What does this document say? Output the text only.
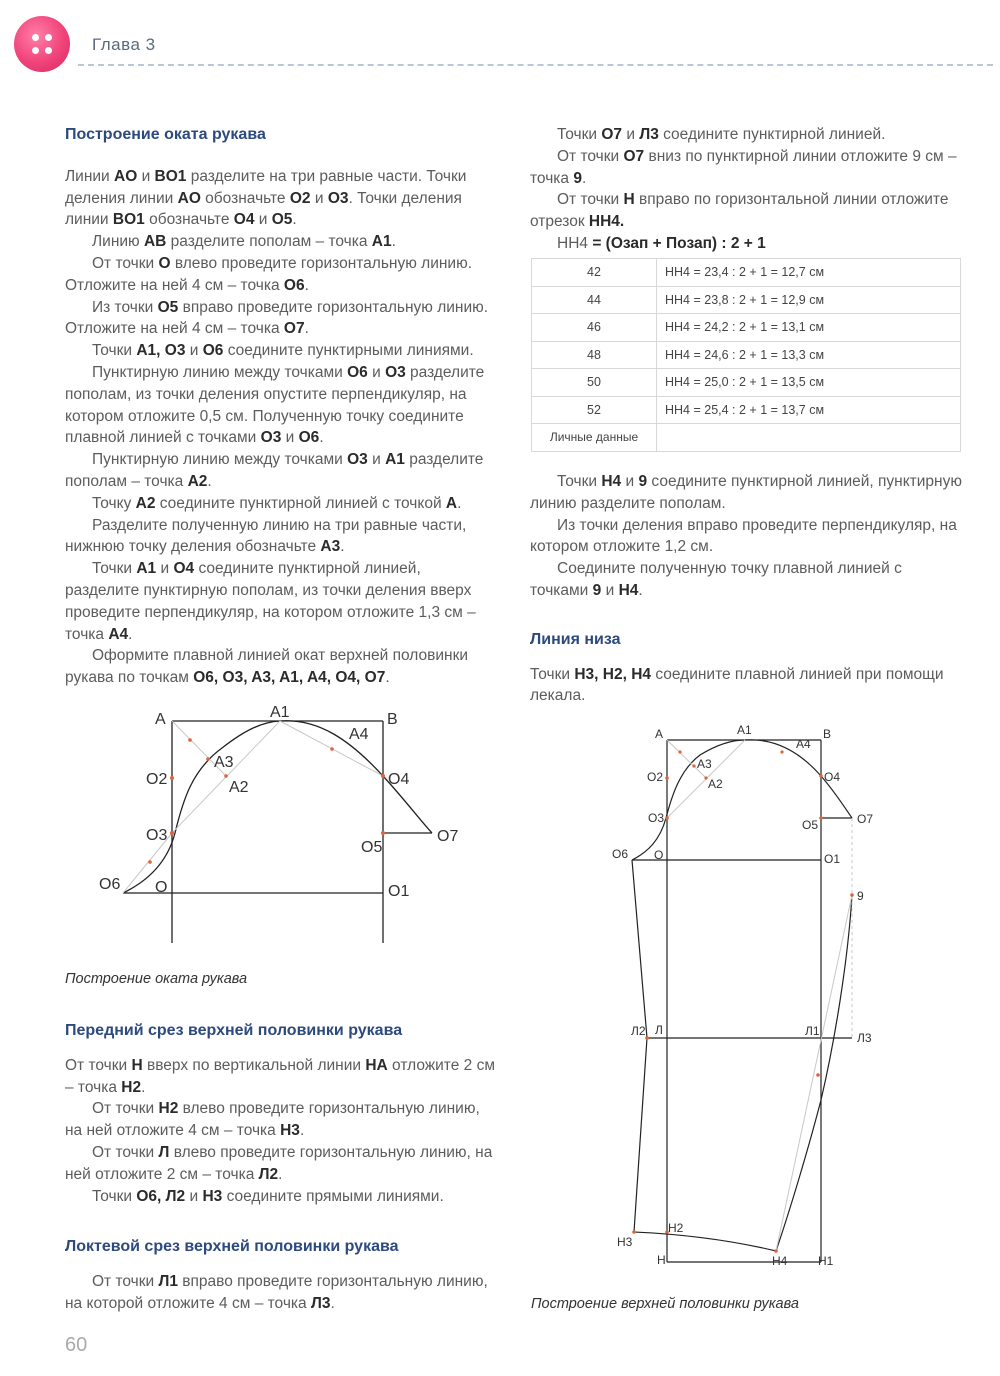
Глава 3
Построение оката рукава

Линии AO и BO1 разделите на три равные части. Точки деления линии AO обозначьте O2 и O3. Точки деления линии BO1 обозначьте O4 и O5.

Линию AB разделите пополам – точка A1.

От точки O влево проведите горизонтальную линию. Отложите на ней 4 см – точка O6.

Из точки O5 вправо проведите горизонтальную линию. Отложите на ней 4 см – точка O7.

Точки A1, O3 и O6 соедините пунктирными линиями.

Пунктирную линию между точками O6 и O3 разделите пополам, из точки деления опустите перпендикуляр, на котором отложите 0,5 см. Полученную точку соедините плавной линией с точками O3 и O6.

Пунктирную линию между точками O3 и A1 разделите пополам – точка A2.

Точку A2 соедините пунктирной линией с точкой A.

Разделите полученную линию на три равные части, нижнюю точку деления обозначьте A3.

Точки A1 и O4 соедините пунктирной линией, разделите пунктирную пополам, из точки деления вверх проведите перпендикуляр, на котором отложите 1,3 см – точка A4.

Оформите плавной линией окат верхней половинки рукава по точкам O6, O3, A3, A1, A4, O4, O7.

A	A1	B
A4
A3
A2
O2	O4
O3
O5
O7
O6 O	O1
Построение оката рукава
Передний срез верхней половинки рукава

От точки Н вверх по вертикальной линии НА отложите 2 см – точка Н2.

От точки Н2 влево проведите горизонтальную линию, на ней отложите 4 см – точка Н3.

От точки Л влево проведите горизонтальную линию, на ней отложите 2 см – точка Л2.

Точки O6, Л2 и Н3 соедините прямыми линиями.

Локтевой срез верхней половинки рукава

От точки Л1 вправо проведите горизонтальную линию, на которой отложите 4 см – точка Л3.

Точки O7 и Л3 соедините пунктирной линией.

От точки O7 вниз по пунктирной линии отложите 9 см – точка 9.

От точки Н вправо по горизонтальной линии отложите отрезок НН4.

НН4 = (Озап + Позап) : 2 + 1

42	НН4 = 23,4 : 2 + 1 = 12,7 см
44	НН4 = 23,8 : 2 + 1 = 12,9 см
46	НН4 = 24,2 : 2 + 1 = 13,1 см
48	НН4 = 24,6 : 2 + 1 = 13,3 см
50	НН4 = 25,0 : 2 + 1 = 13,5 см
52	НН4 = 25,4 : 2 + 1 = 13,7 см
Личные данные	

Точки Н4 и 9 соедините пунктирной линией, пунктирную линию разделите пополам.

Из точки деления вправо проведите перпендикуляр, на котором отложите 1,2 см.

Соедините полученную точку плавной линией с точками 9 и Н4.

Линия низа

Точки Н3, Н2, Н4 соедините плавной линией при помощи лекала.

A	A1	B
A4
A3
A2
O2	O4
O3	O5	O7
O6 O	O1
9
Л2 Л	Л1	Л3
Н3
Н2
Н	Н4	Н1
Построение верхней половинки рукава
60
